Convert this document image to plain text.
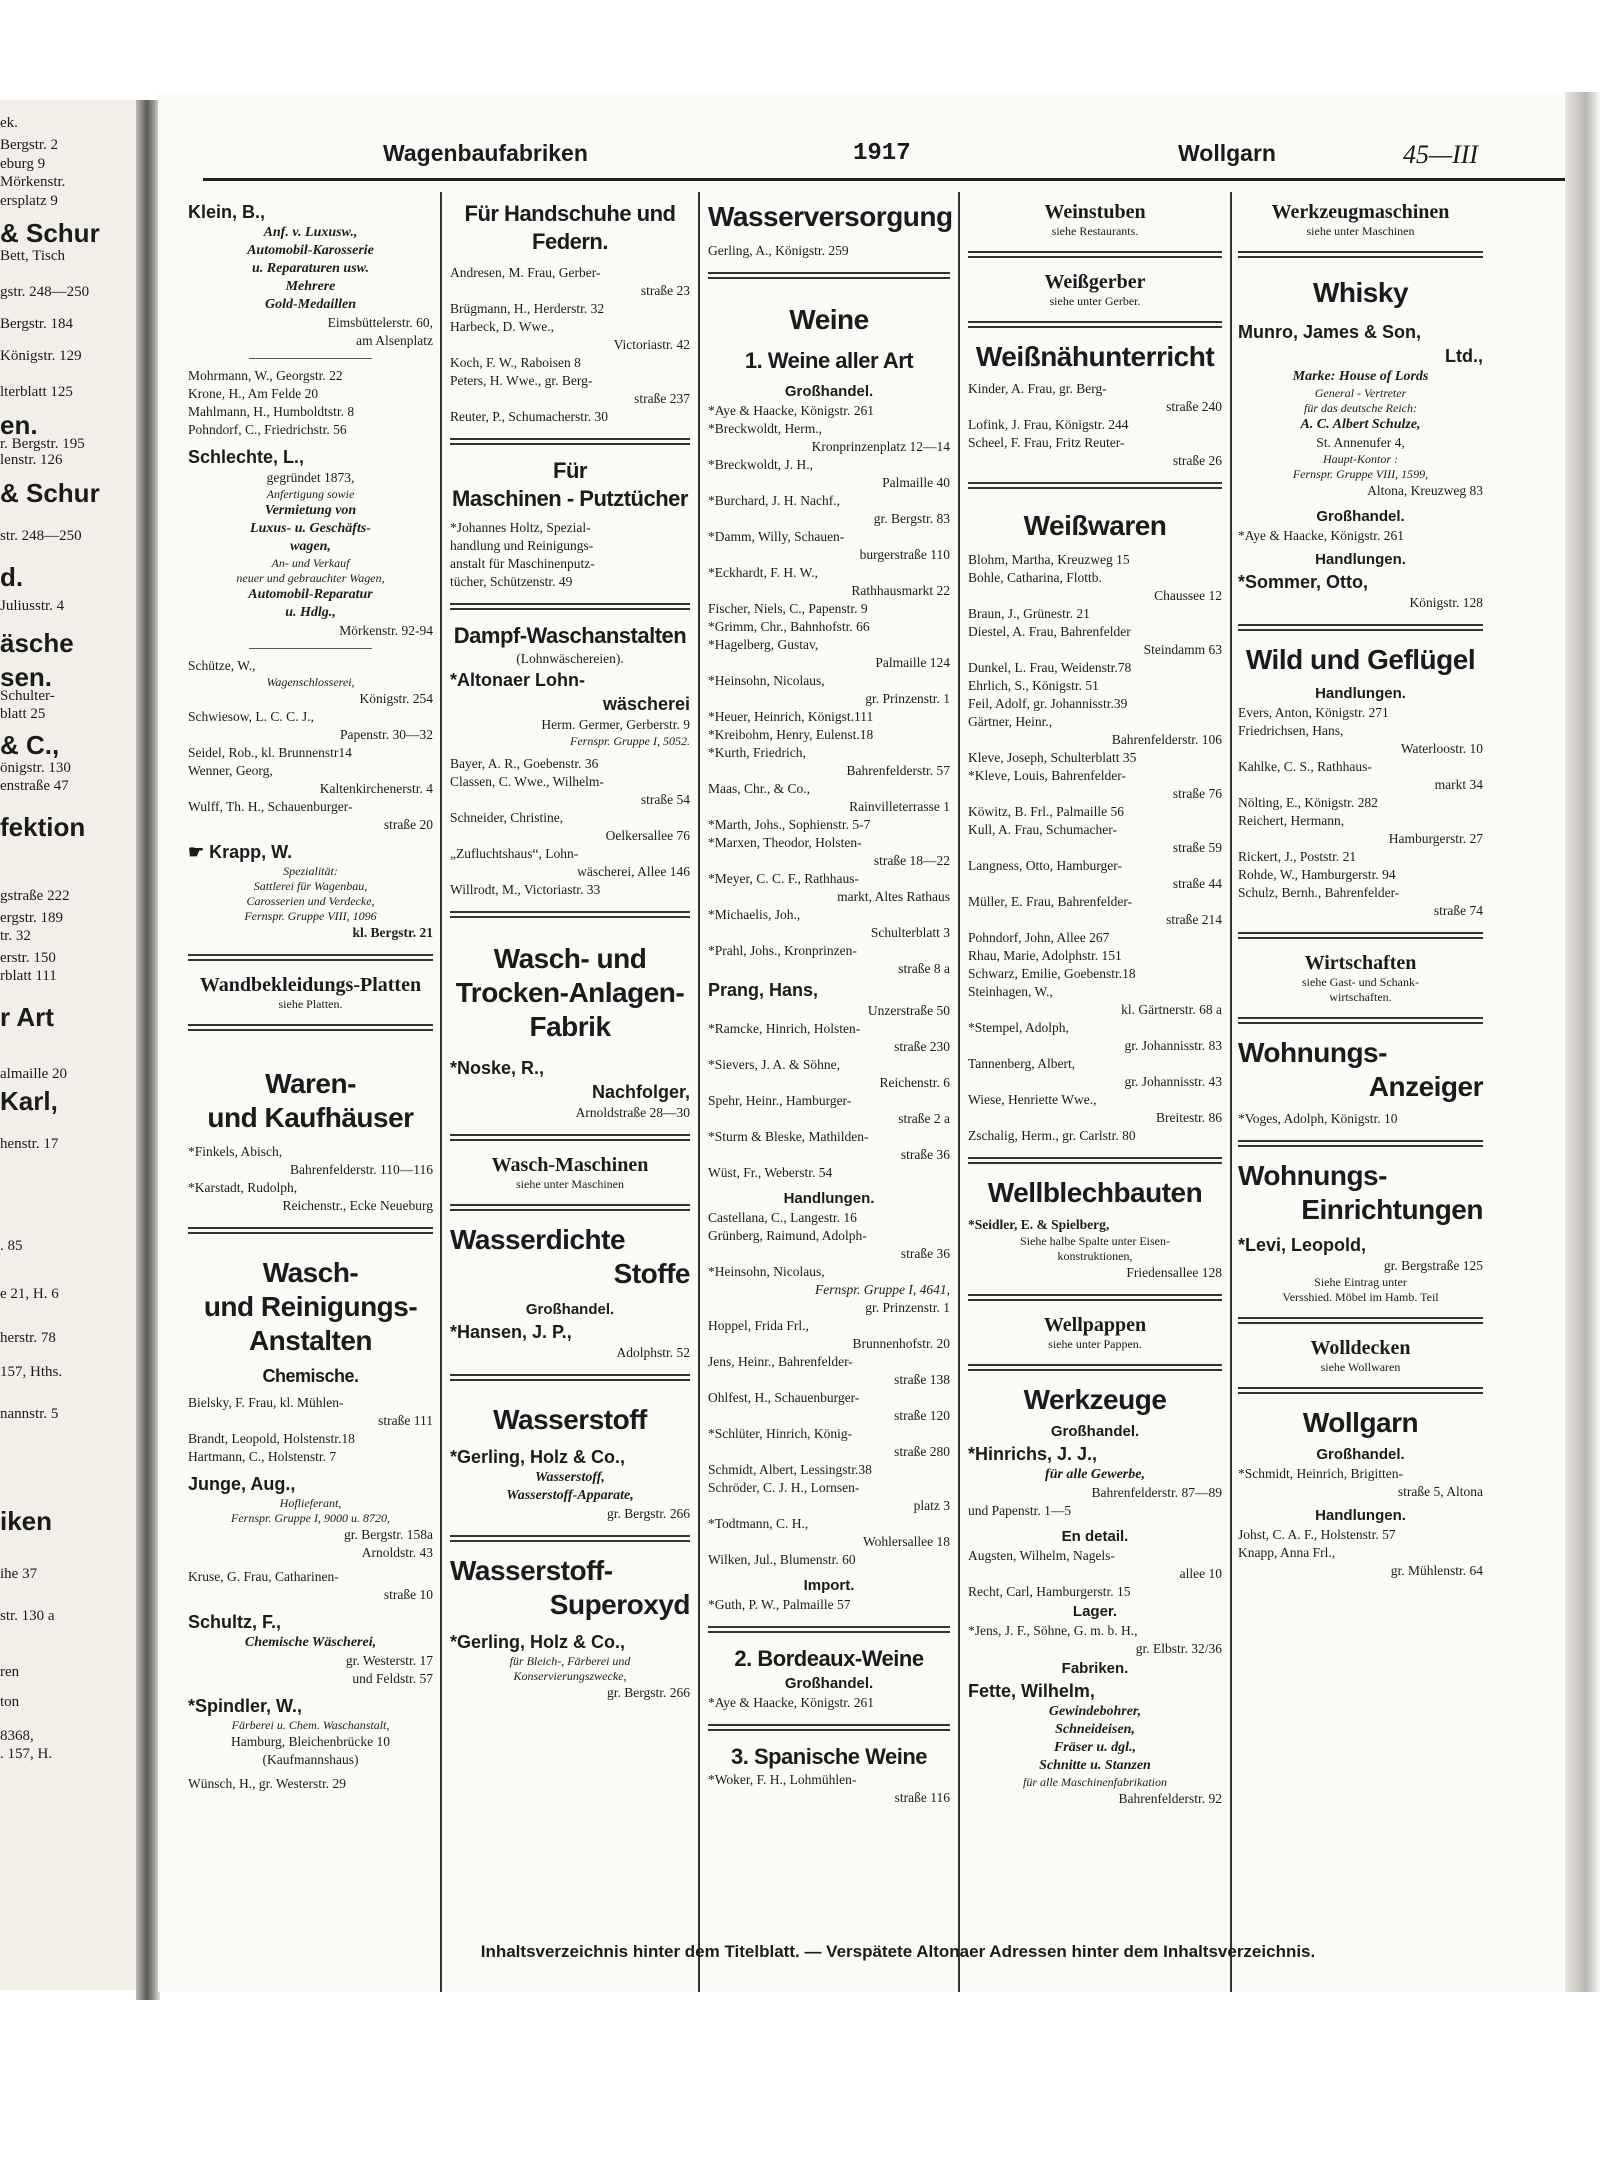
ek.
Bergstr. 2
eburg 9
Mörkenstr.
ersplatz 9
& Schur
Bett, Tisch
gstr. 248—250
Bergstr. 184
Königstr. 129
lterblatt 125
en.
r. Bergstr. 195
lenstr. 126
& Schur
str. 248—250
d.
Juliusstr. 4
äsche
sen.
Schulter-
blatt 25
& C.,
önigstr. 130
enstraße 47
fektion
gstraße 222
ergstr. 189
tr. 32
erstr. 150
rblatt 111
r Art
almaille 20
Karl,
henstr. 17
. 85
e 21, H. 6
herstr. 78
157, Hths.
nannstr. 5
iken
ihe 37
str. 130 a
ren
ton
8368,
. 157, H.
Wagenbaufabriken	1917	Wollgarn	45—III
Klein, B.,
Anf. v. Luxusw.,
Automobil-Karosserie
u. Reparaturen usw.
Mehrere
Gold-Medaillen
Eimsbüttelerstr. 60,
am Alsenplatz
Mohrmann, W., Georgstr. 22
Krone, H., Am Felde 20
Mahlmann, H., Humboldtstr. 8
Pohndorf, C., Friedrichstr. 56
Schlechte, L.,
gegründet 1873,
Anfertigung sowie
Vermietung von
Luxus- u. Geschäfts-
wagen,
An- und Verkauf
neuer und gebrauchter Wagen,
Automobil-Reparatur
u. Hdlg.,
Mörkenstr. 92-94
Schütze, W.,
Wagenschlosserei,
Königstr. 254
Schwiesow, L. C. C. J.,
Papenstr. 30—32
Seidel, Rob., kl. Brunnenstr14
Wenner, Georg,
Kaltenkirchenerstr. 4
Wulff, Th. H., Schauenburger-
straße 20
☛ Krapp, W.
Spezialität:
Sattlerei für Wagenbau,
Carosserien und Verdecke,
Fernspr. Gruppe VIII, 1096
kl. Bergstr. 21
Wandbekleidungs-Platten
siehe Platten.
Waren-
und Kaufhäuser
*Finkels, Abisch,
Bahrenfelderstr. 110—116
*Karstadt, Rudolph,
Reichenstr., Ecke Neueburg
Wasch-
und Reinigungs-
Anstalten
Chemische.
Bielsky, F. Frau, kl. Mühlen-
straße 111
Brandt, Leopold, Holstenstr.18
Hartmann, C., Holstenstr. 7
Junge, Aug.,
Hoflieferant,
Fernspr. Gruppe I, 9000 u. 8720,
gr. Bergstr. 158a
Arnoldstr. 43
Kruse, G. Frau, Catharinen-
straße 10
Schultz, F.,
Chemische Wäscherei,
gr. Westerstr. 17
und Feldstr. 57
*Spindler, W.,
Färberei u. Chem. Waschanstalt,
Hamburg, Bleichenbrücke 10
(Kaufmannshaus)
Wünsch, H., gr. Westerstr. 29
Für Handschuhe und
Federn.
Andresen, M. Frau, Gerber-
straße 23
Brügmann, H., Herderstr. 32
Harbeck, D. Wwe.,
Victoriastr. 42
Koch, F. W., Raboisen 8
Peters, H. Wwe., gr. Berg-
straße 237
Reuter, P., Schumacherstr. 30
Für
Maschinen - Putztücher
*Johannes Holtz, Spezial-
handlung und Reinigungs-
anstalt für Maschinenputz-
tücher, Schützenstr. 49
Dampf-Waschanstalten
(Lohnwäschereien).
*Altonaer Lohn-
wäscherei
Herm. Germer, Gerberstr. 9
Fernspr. Gruppe I, 5052.
Bayer, A. R., Goebenstr. 36
Classen, C. Wwe., Wilhelm-
straße 54
Schneider, Christine,
Oelkersallee 76
„Zufluchtshaus“, Lohn-
wäscherei, Allee 146
Willrodt, M., Victoriastr. 33
Wasch- und
Trocken-Anlagen-
Fabrik
*Noske, R.,
Nachfolger,
Arnoldstraße 28—30
Wasch-Maschinen
siehe unter Maschinen
Wasserdichte
Stoffe
Großhandel.
*Hansen, J. P.,
Adolphstr. 52
Wasserstoff
*Gerling, Holz & Co.,
Wasserstoff,
Wasserstoff-Apparate,
gr. Bergstr. 266
Wasserstoff-
Superoxyd
*Gerling, Holz & Co.,
für Bleich-, Färberei und
Konservierungszwecke,
gr. Bergstr. 266
Wasserversorgung
Gerling, A., Königstr. 259
Weine
1. Weine aller Art
Großhandel.
*Aye & Haacke, Königstr. 261
*Breckwoldt, Herm.,
Kronprinzenplatz 12—14
*Breckwoldt, J. H.,
Palmaille 40
*Burchard, J. H. Nachf.,
gr. Bergstr. 83
*Damm, Willy, Schauen-
burgerstraße 110
*Eckhardt, F. H. W.,
Rathhausmarkt 22
Fischer, Niels, C., Papenstr. 9
*Grimm, Chr., Bahnhofstr. 66
*Hagelberg, Gustav,
Palmaille 124
*Heinsohn, Nicolaus,
gr. Prinzenstr. 1
*Heuer, Heinrich, Königst.111
*Kreibohm, Henry, Eulenst.18
*Kurth, Friedrich,
Bahrenfelderstr. 57
Maas, Chr., & Co.,
Rainvilleterrasse 1
*Marth, Johs., Sophienstr. 5-7
*Marxen, Theodor, Holsten-
straße 18—22
*Meyer, C. C. F., Rathhaus-
markt, Altes Rathaus
*Michaelis, Joh.,
Schulterblatt 3
*Prahl, Johs., Kronprinzen-
straße 8 a
Prang, Hans,
Unzerstraße 50
*Ramcke, Hinrich, Holsten-
straße 230
*Sievers, J. A. & Söhne,
Reichenstr. 6
Spehr, Heinr., Hamburger-
straße 2 a
*Sturm & Bleske, Mathilden-
straße 36
Wüst, Fr., Weberstr. 54
Handlungen.
Castellana, C., Langestr. 16
Grünberg, Raimund, Adolph-
straße 36
*Heinsohn, Nicolaus,
Fernspr. Gruppe I, 4641,
gr. Prinzenstr. 1
Hoppel, Frida Frl.,
Brunnenhofstr. 20
Jens, Heinr., Bahrenfelder-
straße 138
Ohlfest, H., Schauenburger-
straße 120
*Schlüter, Hinrich, König-
straße 280
Schmidt, Albert, Lessingstr.38
Schröder, C. J. H., Lornsen-
platz 3
*Todtmann, C. H.,
Wohlersallee 18
Wilken, Jul., Blumenstr. 60
Import.
*Guth, P. W., Palmaille 57
2. Bordeaux-Weine
Großhandel.
*Aye & Haacke, Königstr. 261
3. Spanische Weine
*Woker, F. H., Lohmühlen-
straße 116
Weinstuben
siehe Restaurants.
Weißgerber
siehe unter Gerber.
Weißnähunterricht
Kinder, A. Frau, gr. Berg-
straße 240
Lofink, J. Frau, Königstr. 244
Scheel, F. Frau, Fritz Reuter-
straße 26
Weißwaren
Blohm, Martha, Kreuzweg 15
Bohle, Catharina, Flottb.
Chaussee 12
Braun, J., Grünestr. 21
Diestel, A. Frau, Bahrenfelder
Steindamm 63
Dunkel, L. Frau, Weidenstr.78
Ehrlich, S., Königstr. 51
Feil, Adolf, gr. Johannisstr.39
Gärtner, Heinr.,
Bahrenfelderstr. 106
Kleve, Joseph, Schulterblatt 35
*Kleve, Louis, Bahrenfelder-
straße 76
Köwitz, B. Frl., Palmaille 56
Kull, A. Frau, Schumacher-
straße 59
Langness, Otto, Hamburger-
straße 44
Müller, E. Frau, Bahrenfelder-
straße 214
Pohndorf, John, Allee 267
Rhau, Marie, Adolphstr. 151
Schwarz, Emilie, Goebenstr.18
Steinhagen, W.,
kl. Gärtnerstr. 68 a
*Stempel, Adolph,
gr. Johannisstr. 83
Tannenberg, Albert,
gr. Johannisstr. 43
Wiese, Henriette Wwe.,
Breitestr. 86
Zschalig, Herm., gr. Carlstr. 80
Wellblechbauten
*Seidler, E. & Spielberg,
Siehe halbe Spalte unter Eisen-
konstruktionen,
Friedensallee 128
Wellpappen
siehe unter Pappen.
Werkzeuge
Großhandel.
*Hinrichs, J. J.,
für alle Gewerbe,
Bahrenfelderstr. 87—89
und Papenstr. 1—5
En detail.
Augsten, Wilhelm, Nagels-
allee 10
Recht, Carl, Hamburgerstr. 15
Lager.
*Jens, J. F., Söhne, G. m. b. H.,
gr. Elbstr. 32/36
Fabriken.
Fette, Wilhelm,
Gewindebohrer,
Schneideisen,
Fräser u. dgl.,
Schnitte u. Stanzen
für alle Maschinenfabrikation
Bahrenfelderstr. 92
Werkzeugmaschinen
siehe unter Maschinen
Whisky
Munro, James & Son,
Ltd.,
Marke: House of Lords
General - Vertreter
für das deutsche Reich:
A. C. Albert Schulze,
St. Annenufer 4,
Haupt-Kontor :
Fernspr. Gruppe VIII, 1599,
Altona, Kreuzweg 83
Großhandel.
*Aye & Haacke, Königstr. 261
Handlungen.
*Sommer, Otto,
Königstr. 128
Wild und Geflügel
Handlungen.
Evers, Anton, Königstr. 271
Friedrichsen, Hans,
Waterloostr. 10
Kahlke, C. S., Rathhaus-
markt 34
Nölting, E., Königstr. 282
Reichert, Hermann,
Hamburgerstr. 27
Rickert, J., Poststr. 21
Rohde, W., Hamburgerstr. 94
Schulz, Bernh., Bahrenfelder-
straße 74
Wirtschaften
siehe Gast- und Schank-
wirtschaften.
Wohnungs-
Anzeiger
*Voges, Adolph, Königstr. 10
Wohnungs-
Einrichtungen
*Levi, Leopold,
gr. Bergstraße 125
Siehe Eintrag unter
Versshied. Möbel im Hamb. Teil
Wolldecken
siehe Wollwaren
Wollgarn
Großhandel.
*Schmidt, Heinrich, Brigitten-
straße 5, Altona
Handlungen.
Johst, C. A. F., Holstenstr. 57
Knapp, Anna Frl.,
gr. Mühlenstr. 64
Inhaltsverzeichnis hinter dem Titelblatt. — Verspätete Altonaer Adressen hinter dem Inhaltsverzeichnis.
